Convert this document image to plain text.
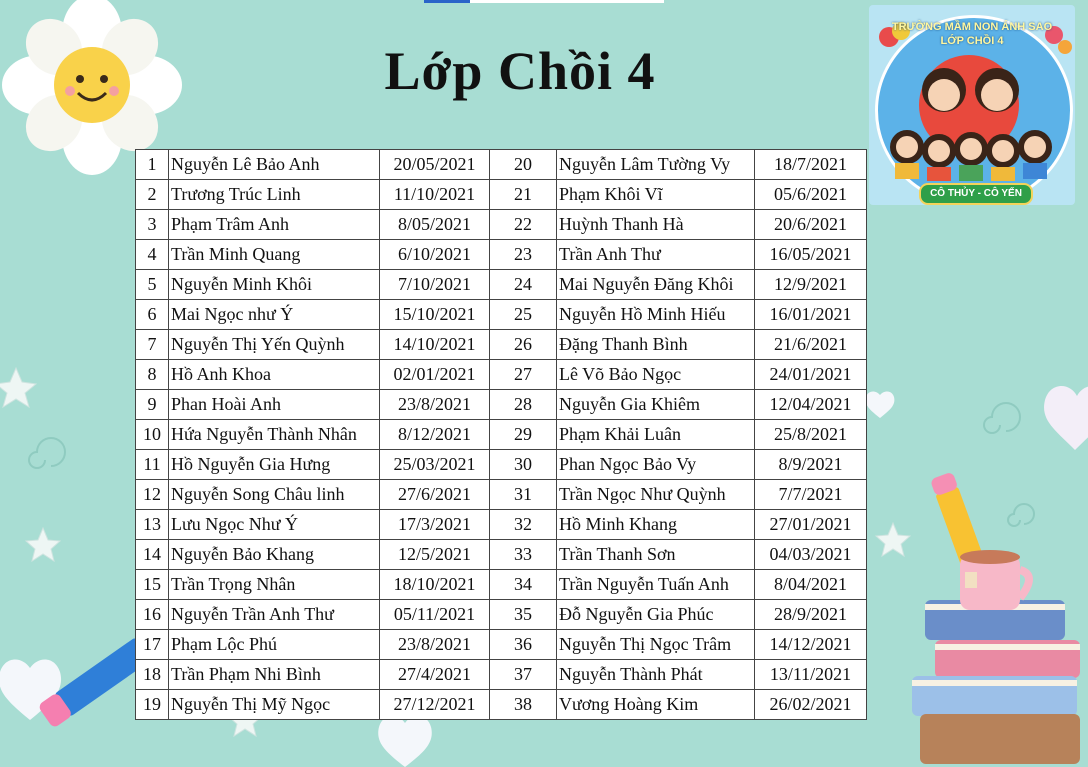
Lớp Chồi 4
TRƯỜNG MẦM NON ÁNH SAO
LỚP CHỒI 4
CÔ THỦY - CÔ YẾN
1	Nguyễn Lê Bảo Anh	20/05/2021	20	Nguyễn Lâm Tường Vy	18/7/2021
2	Trương Trúc Linh	11/10/2021	21	Phạm Khôi Vĩ	05/6/2021
3	Phạm Trâm Anh	8/05/2021	22	Huỳnh Thanh Hà	20/6/2021
4	Trần Minh Quang	6/10/2021	23	Trần Anh Thư	16/05/2021
5	Nguyễn Minh Khôi	7/10/2021	24	Mai Nguyễn Đăng Khôi	12/9/2021
6	Mai Ngọc như Ý	15/10/2021	25	Nguyễn Hồ Minh Hiếu	16/01/2021
7	Nguyễn Thị Yến Quỳnh	14/10/2021	26	Đặng Thanh Bình	21/6/2021
8	Hồ Anh Khoa	02/01/2021	27	Lê Võ Bảo Ngọc	24/01/2021
9	Phan Hoài Anh	23/8/2021	28	Nguyễn Gia Khiêm	12/04/2021
10	Hứa Nguyễn Thành Nhân	8/12/2021	29	Phạm Khải Luân	25/8/2021
11	Hồ Nguyễn Gia Hưng	25/03/2021	30	Phan Ngọc Bảo Vy	8/9/2021
12	Nguyễn Song Châu linh	27/6/2021	31	Trần Ngọc Như Quỳnh	7/7/2021
13	Lưu Ngọc Như Ý	17/3/2021	32	Hồ Minh Khang	27/01/2021
14	Nguyễn Bảo Khang	12/5/2021	33	Trần Thanh Sơn	04/03/2021
15	Trần Trọng Nhân	18/10/2021	34	Trần Nguyễn Tuấn Anh	8/04/2021
16	Nguyễn Trần Anh Thư	05/11/2021	35	Đỗ Nguyễn Gia Phúc	28/9/2021
17	Phạm Lộc Phú	23/8/2021	36	Nguyễn Thị Ngọc Trâm	14/12/2021
18	Trần Phạm Nhi Bình	27/4/2021	37	Nguyễn Thành Phát	13/11/2021
19	Nguyễn Thị Mỹ Ngọc	27/12/2021	38	Vương Hoàng Kim	26/02/2021
